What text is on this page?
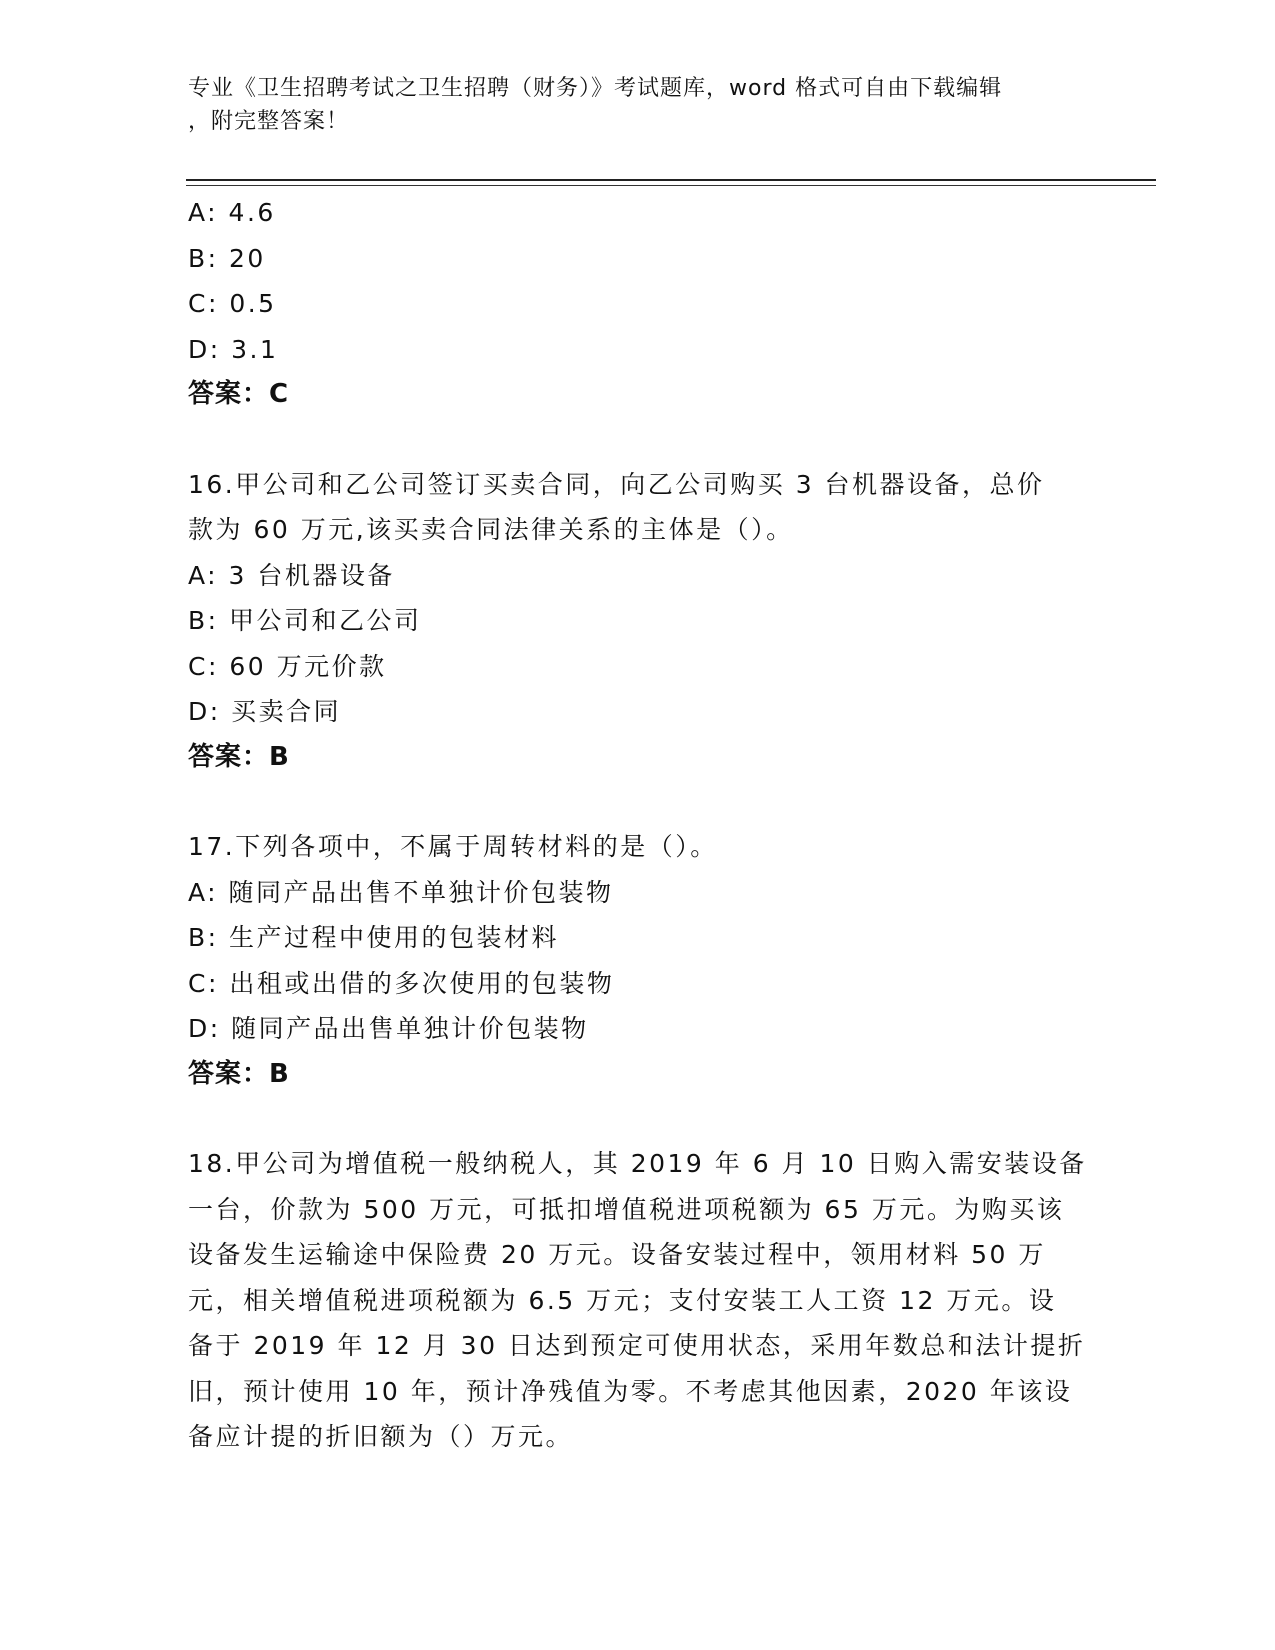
专业《卫生招聘考试之卫生招聘（财务）》考试题库，word 格式可自由下载编辑

，附完整答案！

A: 4.6

B: 20

C: 0.5

D: 3.1

答案：C

16.甲公司和乙公司签订买卖合同，向乙公司购买 3 台机器设备，总价

款为 60 万元,该买卖合同法律关系的主体是（）。

A: 3 台机器设备

B: 甲公司和乙公司

C: 60 万元价款

D: 买卖合同

答案：B

17.下列各项中，不属于周转材料的是（）。

A: 随同产品出售不单独计价包装物

B: 生产过程中使用的包装材料

C: 出租或出借的多次使用的包装物

D: 随同产品出售单独计价包装物

答案：B

18.甲公司为增值税一般纳税人，其 2019 年 6 月 10 日购入需安装设备

一台，价款为 500 万元，可抵扣增值税进项税额为 65 万元。为购买该

设备发生运输途中保险费 20 万元。设备安装过程中，领用材料 50 万

元，相关增值税进项税额为 6.5 万元；支付安装工人工资 12 万元。设

备于 2019 年 12 月 30 日达到预定可使用状态，采用年数总和法计提折

旧，预计使用 10 年，预计净残值为零。不考虑其他因素，2020 年该设

备应计提的折旧额为（）万元。
